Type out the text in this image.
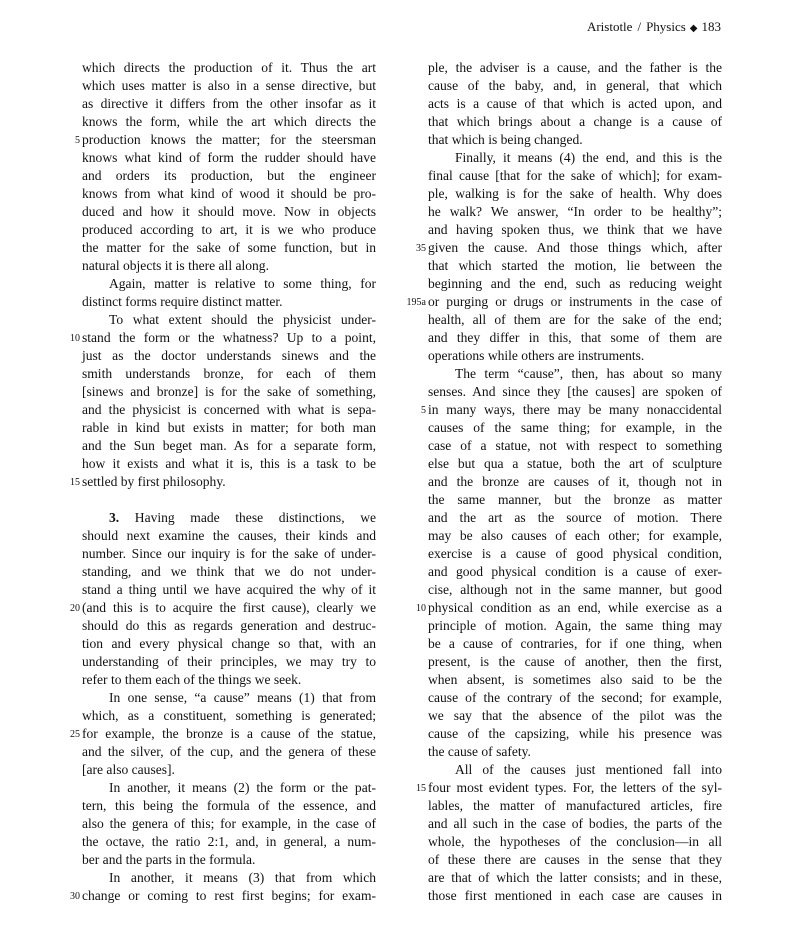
Aristotle / Physics ◆ 183
which directs the production of it. Thus the art
which uses matter is also in a sense directive, but
as directive it differs from the other insofar as it
knows the form, while the art which directs the
5 production knows the matter; for the steersman
knows what kind of form the rudder should have
and orders its production, but the engineer
knows from what kind of wood it should be pro-
duced and how it should move. Now in objects
produced according to art, it is we who produce
the matter for the sake of some function, but in
natural objects it is there all along.
Again, matter is relative to some thing, for
distinct forms require distinct matter.
To what extent should the physicist under-
10 stand the form or the whatness? Up to a point,
just as the doctor understands sinews and the
smith understands bronze, for each of them
[sinews and bronze] is for the sake of something,
and the physicist is concerned with what is sepa-
rable in kind but exists in matter; for both man
and the Sun beget man. As for a separate form,
how it exists and what it is, this is a task to be
15 settled by first philosophy.
3. Having made these distinctions, we
should next examine the causes, their kinds and
number. Since our inquiry is for the sake of under-
standing, and we think that we do not under-
stand a thing until we have acquired the why of it
20 (and this is to acquire the first cause), clearly we
should do this as regards generation and destruc-
tion and every physical change so that, with an
understanding of their principles, we may try to
refer to them each of the things we seek.
In one sense, “a cause” means (1) that from
which, as a constituent, something is generated;
25 for example, the bronze is a cause of the statue,
and the silver, of the cup, and the genera of these
[are also causes].
In another, it means (2) the form or the pat-
tern, this being the formula of the essence, and
also the genera of this; for example, in the case of
the octave, the ratio 2:1, and, in general, a num-
ber and the parts in the formula.
In another, it means (3) that from which
30 change or coming to rest first begins; for exam-
ple, the adviser is a cause, and the father is the
cause of the baby, and, in general, that which
acts is a cause of that which is acted upon, and
that which brings about a change is a cause of
that which is being changed.
Finally, it means (4) the end, and this is the
final cause [that for the sake of which]; for exam-
ple, walking is for the sake of health. Why does
he walk? We answer, “In order to be healthy”;
and having spoken thus, we think that we have
35 given the cause. And those things which, after
that which started the motion, lie between the
beginning and the end, such as reducing weight
195a or purging or drugs or instruments in the case of
health, all of them are for the sake of the end;
and they differ in this, that some of them are
operations while others are instruments.
The term “cause”, then, has about so many
senses. And since they [the causes] are spoken of
5 in many ways, there may be many nonaccidental
causes of the same thing; for example, in the
case of a statue, not with respect to something
else but qua a statue, both the art of sculpture
and the bronze are causes of it, though not in
the same manner, but the bronze as matter
and the art as the source of motion. There
may be also causes of each other; for example,
exercise is a cause of good physical condition,
and good physical condition is a cause of exer-
cise, although not in the same manner, but good
10 physical condition as an end, while exercise as a
principle of motion. Again, the same thing may
be a cause of contraries, for if one thing, when
present, is the cause of another, then the first,
when absent, is sometimes also said to be the
cause of the contrary of the second; for example,
we say that the absence of the pilot was the
cause of the capsizing, while his presence was
the cause of safety.
All of the causes just mentioned fall into
15 four most evident types. For, the letters of the syl-
lables, the matter of manufactured articles, fire
and all such in the case of bodies, the parts of the
whole, the hypotheses of the conclusion—in all
of these there are causes in the sense that they
are that of which the latter consists; and in these,
those first mentioned in each case are causes in
